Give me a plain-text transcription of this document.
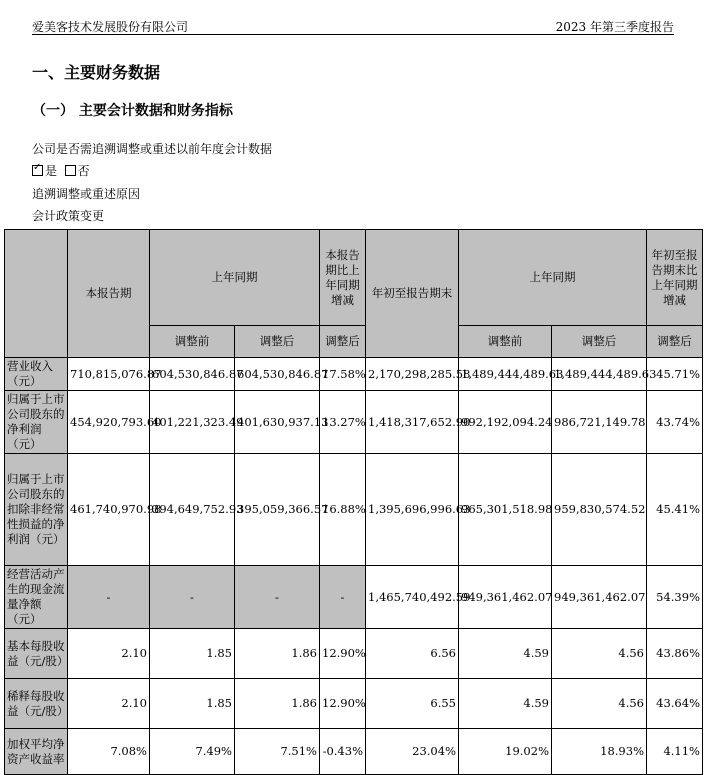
爱美客技术发展股份有限公司	2023 年第三季度报告
一、主要财务数据
（一） 主要会计数据和财务指标
公司是否需追溯调整或重述以前年度会计数据
✓是 否
追溯调整或重述原因
会计政策变更
	本报告期	上年同期		本报告期比上年同期增减	年初至报告期末	上年同期		年初至报告期末比上年同期增减
		调整前	调整后	调整后		调整前	调整后	调整后
营业收入（元）	710,815,076.87	604,530,846.87	604,530,846.87	17.58%	2,170,298,285.58	1,489,444,489.63	1,489,444,489.63	45.71%
归属于上市公司股东的净利润（元）	454,920,793.60	401,221,323.49	401,630,937.13	13.27%	1,418,317,652.90	992,192,094.24	986,721,149.78	43.74%
归属于上市公司股东的扣除非经常性损益的净利润（元）	461,740,970.98	394,649,752.93	395,059,366.57	16.88%	1,395,696,996.63	965,301,518.98	959,830,574.52	45.41%
经营活动产生的现金流量净额（元）	-	-	-	-	1,465,740,492.59	949,361,462.07	949,361,462.07	54.39%
基本每股收益（元/股）	2.10	1.85	1.86	12.90%	6.56	4.59	4.56	43.86%
稀释每股收益（元/股）	2.10	1.85	1.86	12.90%	6.55	4.59	4.56	43.64%
加权平均净资产收益率	7.08%	7.49%	7.51%	-0.43%	23.04%	19.02%	18.93%	4.11%
